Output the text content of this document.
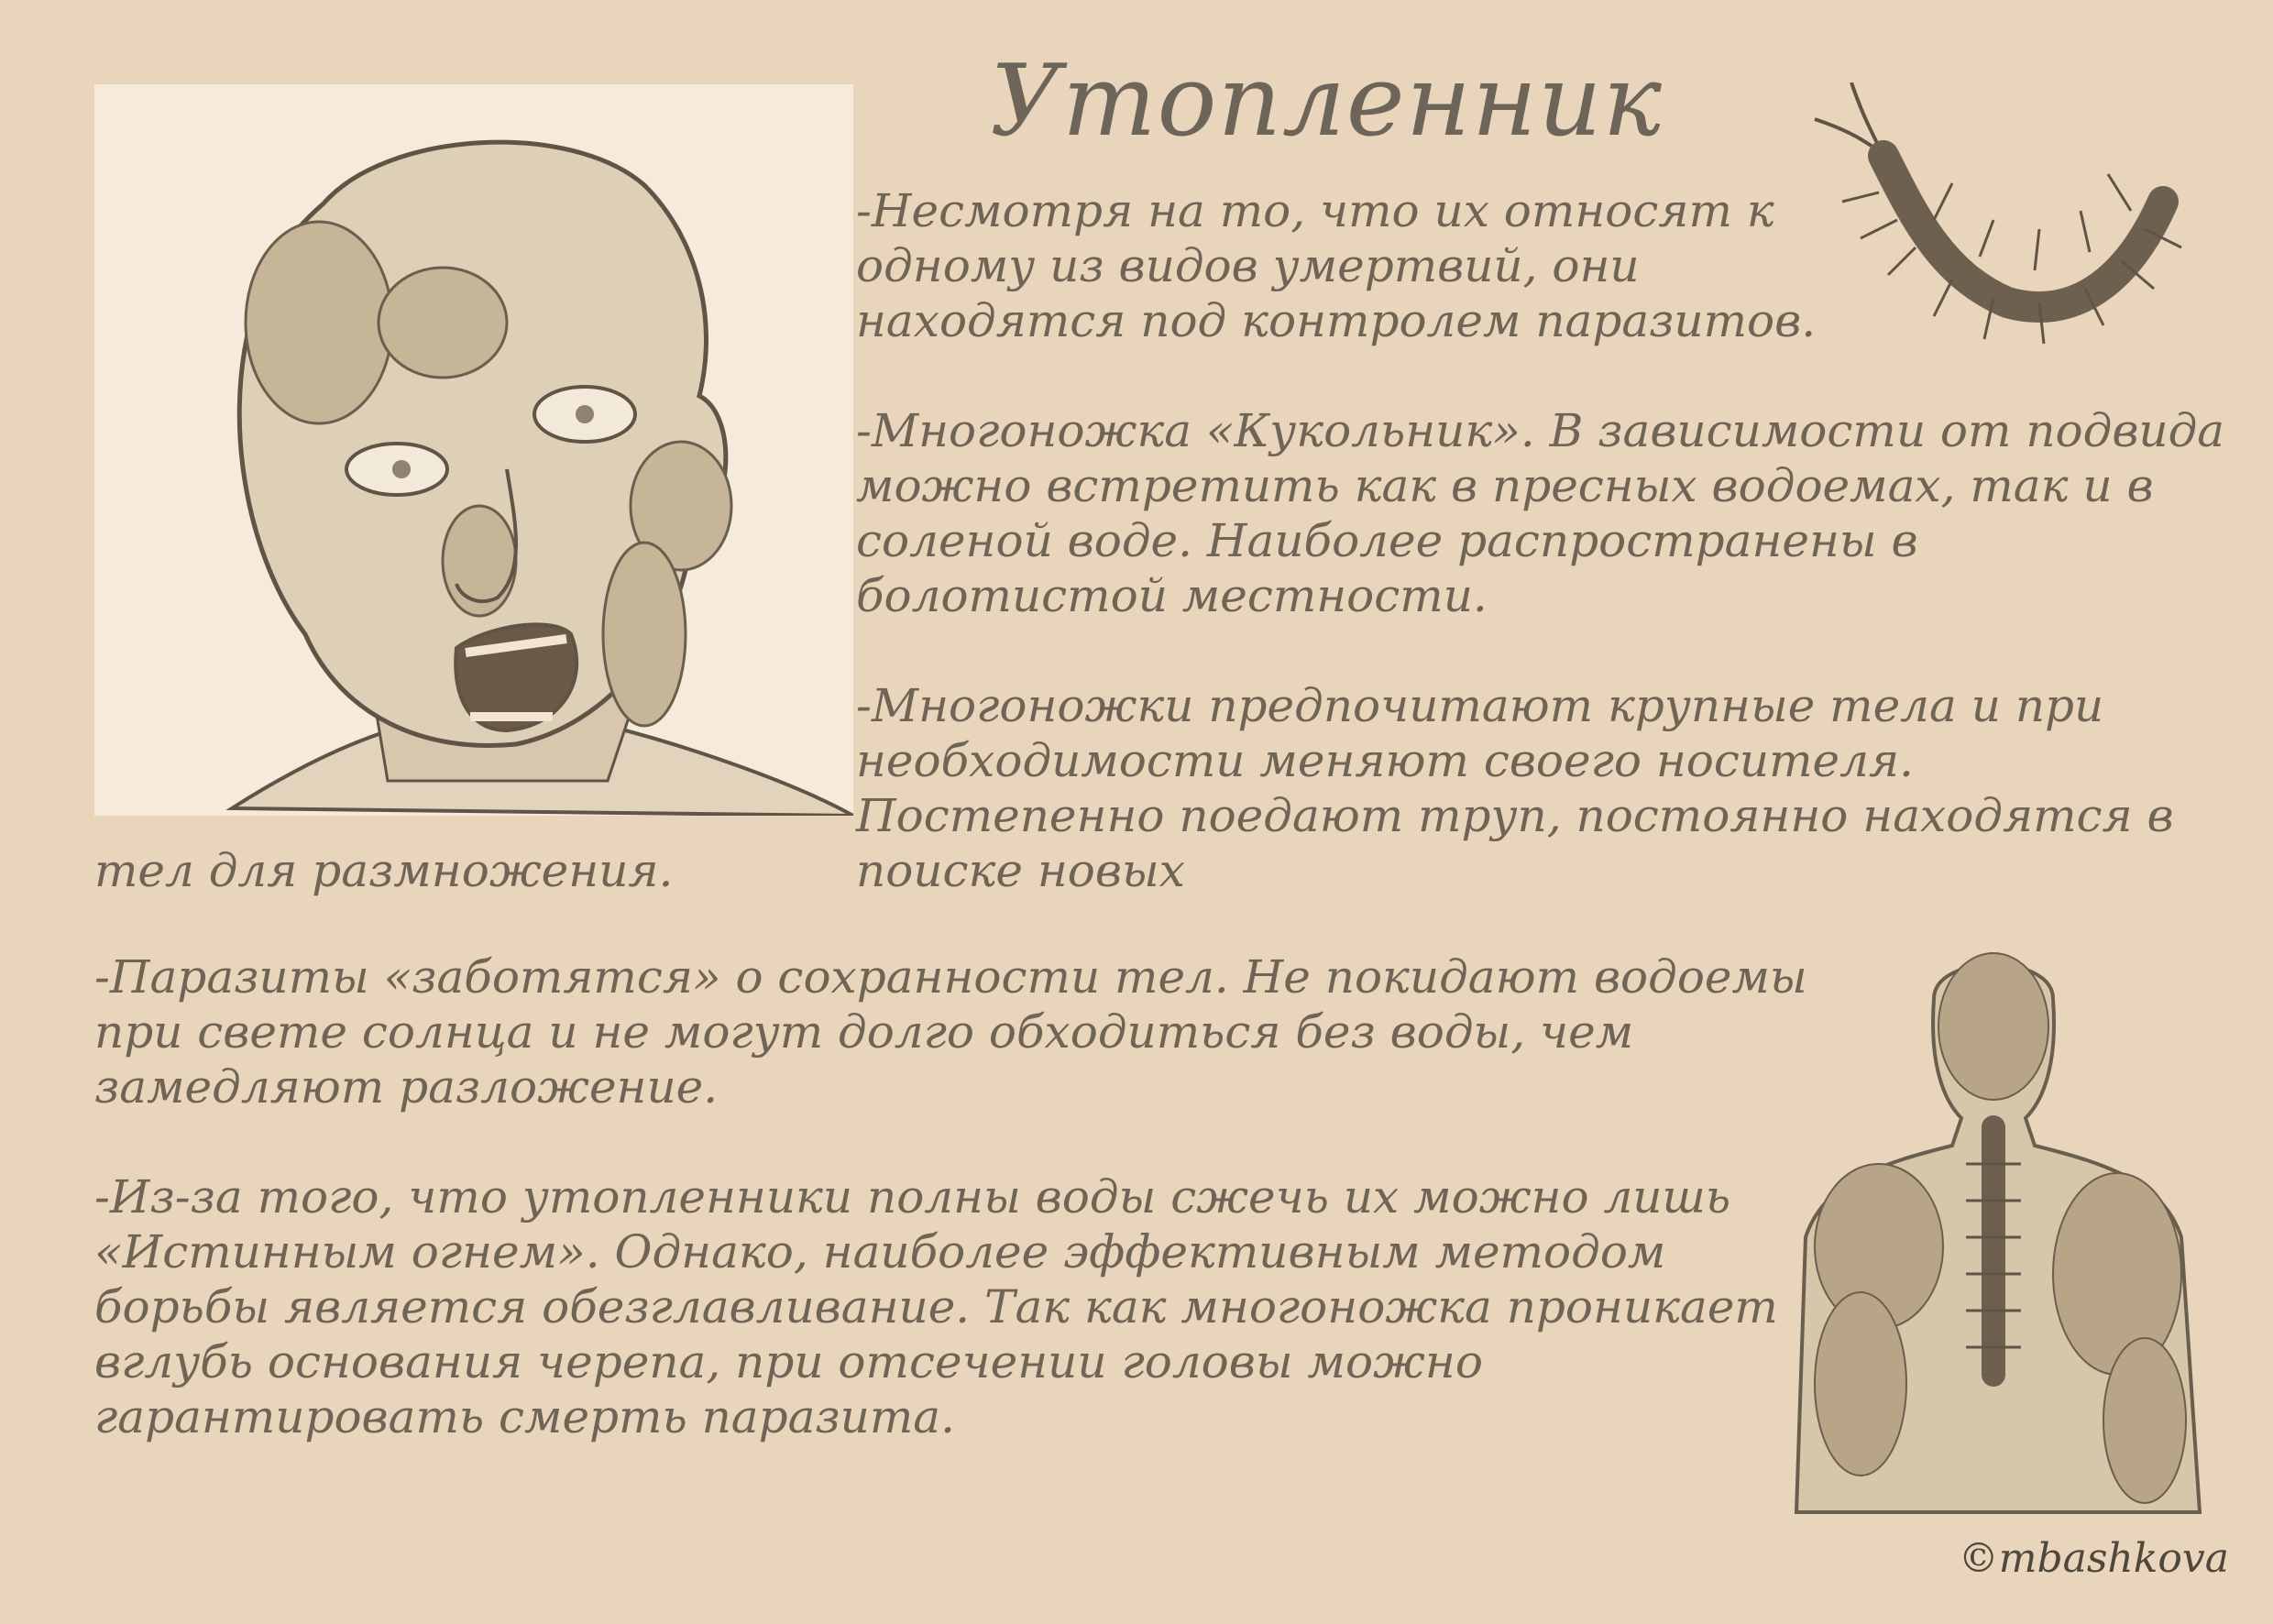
Утопленник

-Несмотря на то, что их относят к одному из видов умертвий, они находятся под контролем паразитов.

-Многоножка «Кукольник». В зависимости от подвида можно встретить как в пресных водоемах, так и в соленой воде. Наиболее распространены в болотистой местности.

-Многоножки предпочитают крупные тела и при необходимости меняют своего носителя. Постепенно поедают труп, постоянно находятся в поиске новых

тел для размножения.

-Паразиты «заботятся» о сохранности тел. Не покидают водоемы при свете солнца и не могут долго обходиться без воды, чем замедляют разложение.

-Из-за того, что утопленники полны воды сжечь их можно лишь «Истинным огнем». Однако, наиболее эффективным методом борьбы является обезглавливание. Так как многоножка проникает вглубь основания черепа, при отсечении головы можно гарантировать смерть паразита.

©mbashkova
